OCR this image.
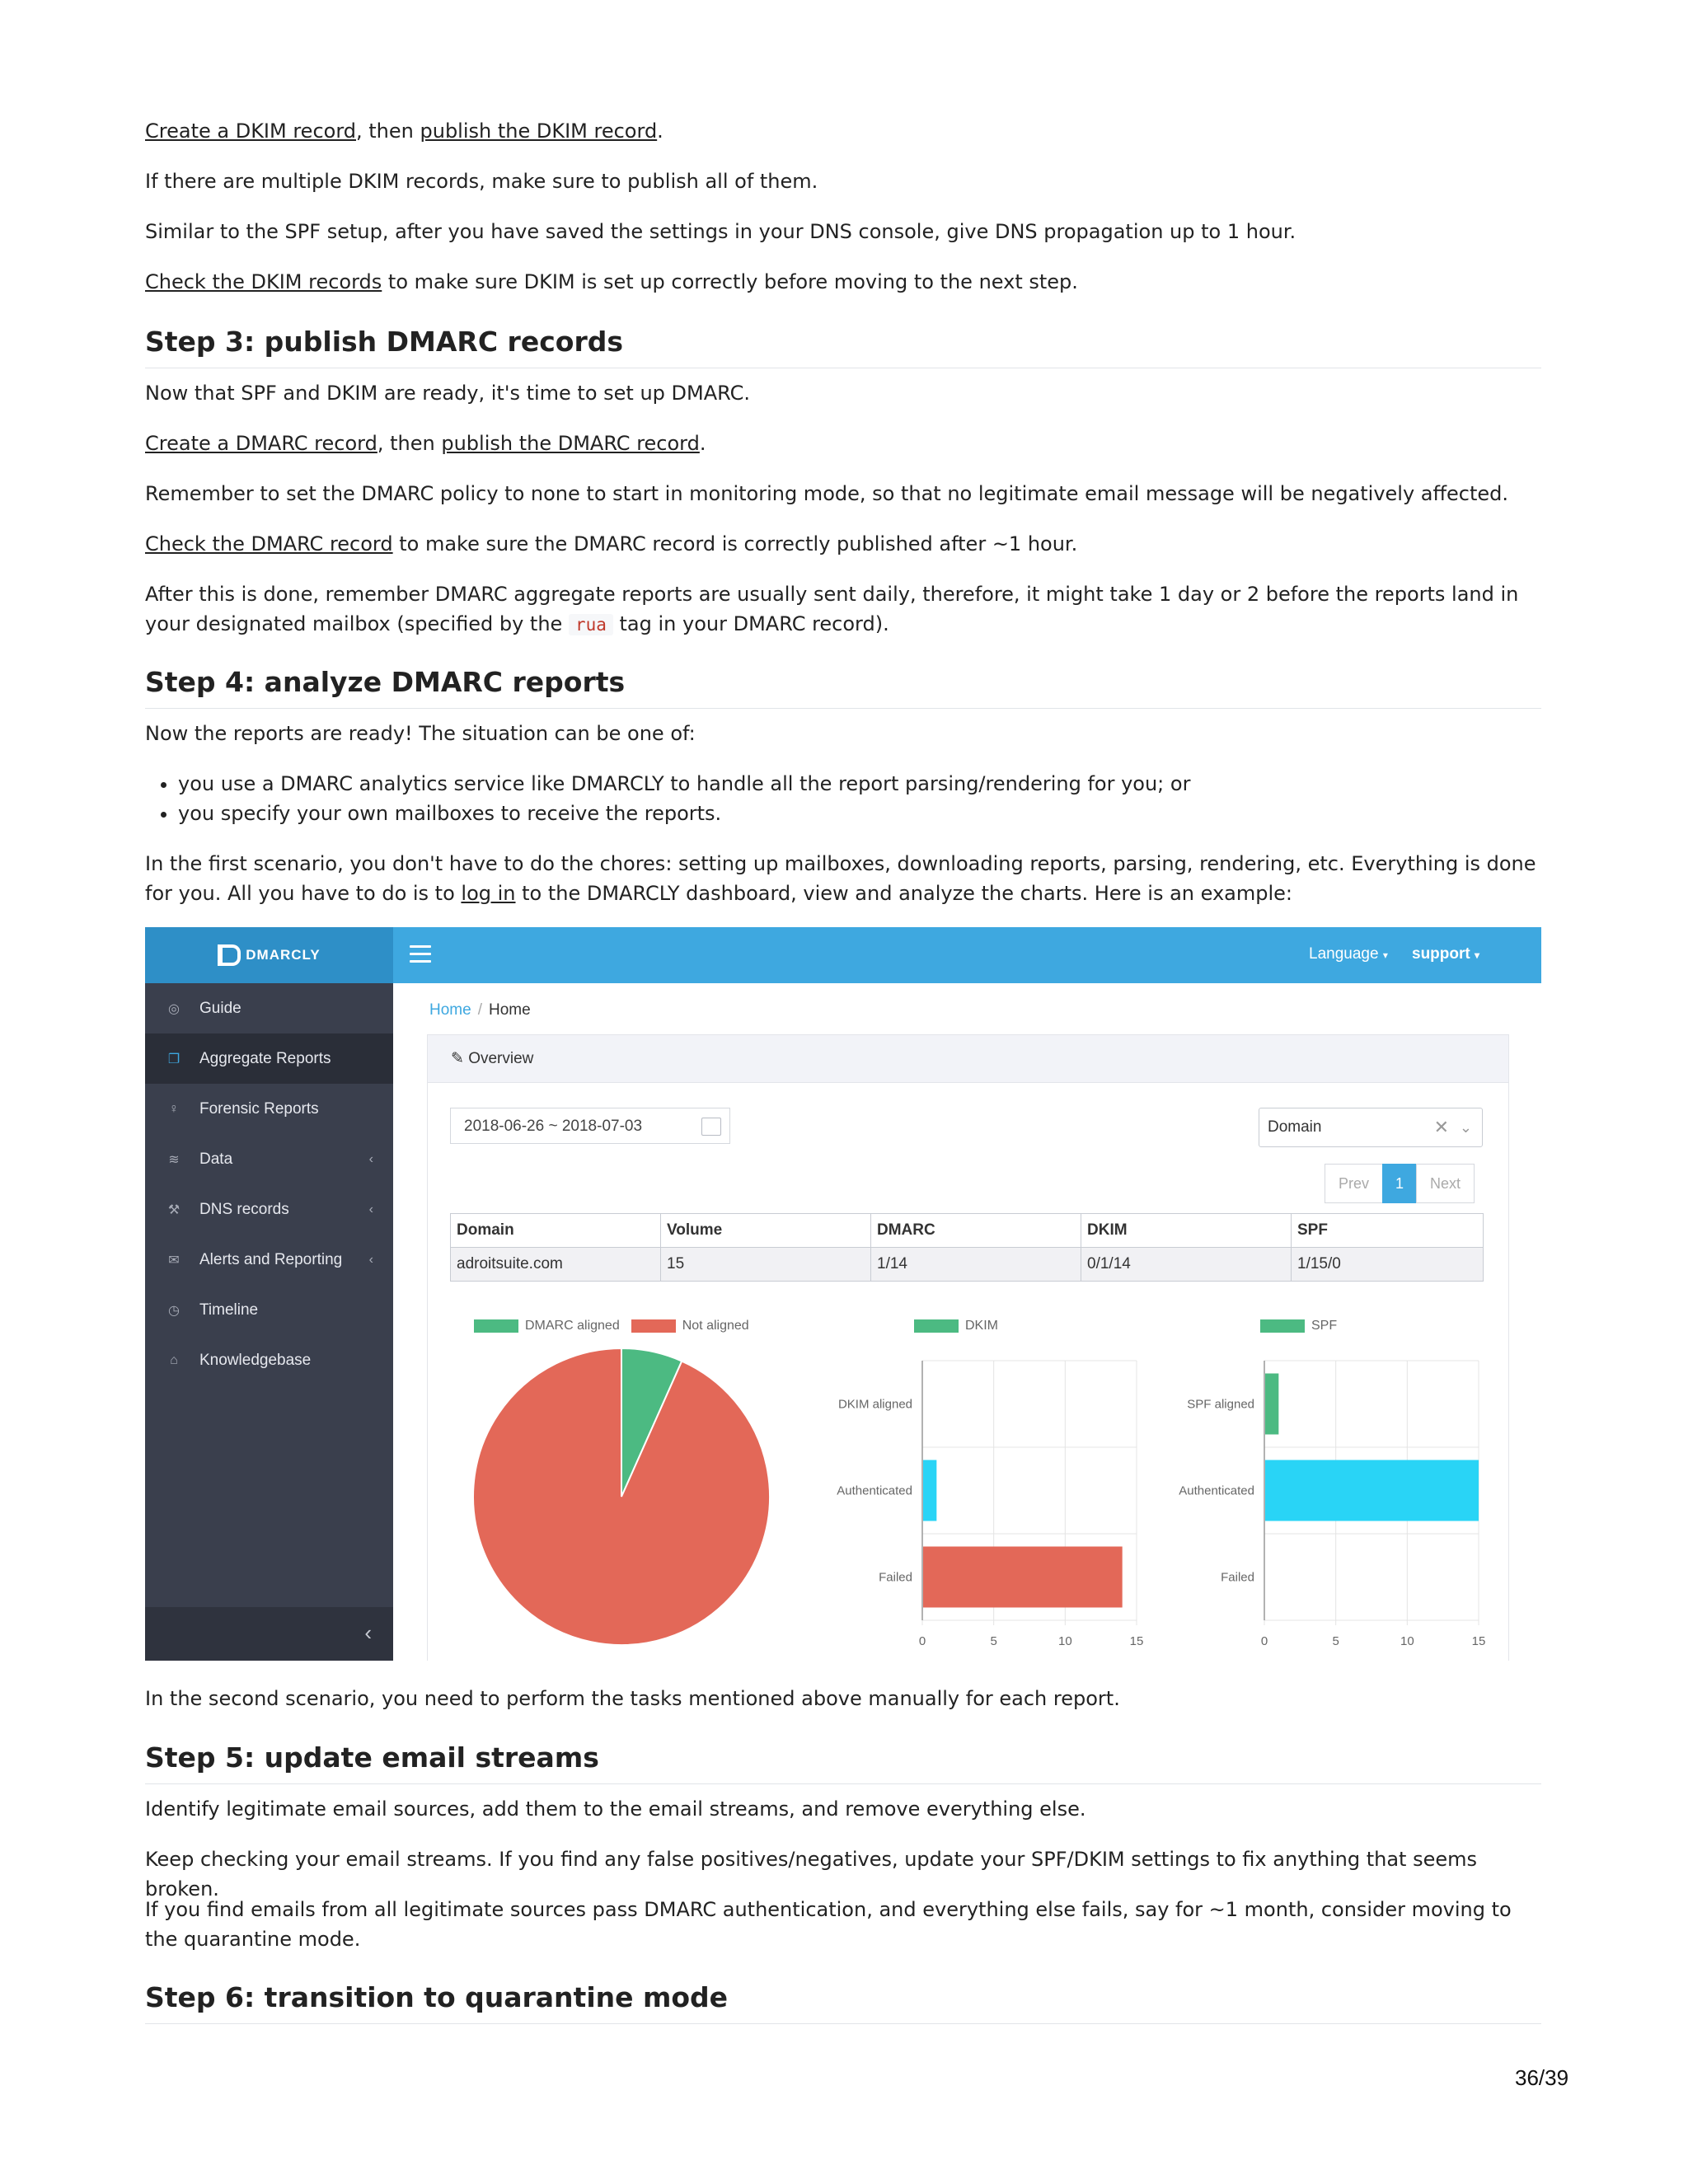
Create a DKIM record, then publish the DKIM record.
If there are multiple DKIM records, make sure to publish all of them.
Similar to the SPF setup, after you have saved the settings in your DNS console, give DNS propagation up to 1 hour.
Check the DKIM records to make sure DKIM is set up correctly before moving to the next step.
Step 3: publish DMARC records
Now that SPF and DKIM are ready, it's time to set up DMARC.
Create a DMARC record, then publish the DMARC record.
Remember to set the DMARC policy to none to start in monitoring mode, so that no legitimate email message will be negatively affected.
Check the DMARC record to make sure the DMARC record is correctly published after ~1 hour.
After this is done, remember DMARC aggregate reports are usually sent daily, therefore, it might take 1 day or 2 before the reports land in your designated mailbox (specified by the rua tag in your DMARC record).
Step 4: analyze DMARC reports
Now the reports are ready! The situation can be one of:
• you use a DMARC analytics service like DMARCLY to handle all the report parsing/rendering for you; or
• you specify your own mailboxes to receive the reports.
In the first scenario, you don't have to do the chores: setting up mailboxes, downloading reports, parsing, rendering, etc. Everything is done for you. All you have to do is to log in to the DMARCLY dashboard, view and analyze the charts. Here is an example:
In the second scenario, you need to perform the tasks mentioned above manually for each report.
Step 5: update email streams
Identify legitimate email sources, add them to the email streams, and remove everything else.
Keep checking your email streams. If you find any false positives/negatives, update your SPF/DKIM settings to fix anything that seems broken.
If you find emails from all legitimate sources pass DMARC authentication, and everything else fails, say for ~1 month, consider moving to the quarantine mode.
Step 6: transition to quarantine mode
DMARCLY
◎ Guide
❐ Aggregate Reports
♀ Forensic Reports
≋ Data	‹
⚒ DNS records	‹
✉ Alerts and Reporting ‹
◷ Timeline
⌂	Knowledgebase
‹
Language ▾ support ▾
Home / Home
✎ Overview
2018-06-26 ~ 2018-07-03	Domain	✕ ⌄
Prev	1	Next
Domain	Volume	DMARC	DKIM	SPF
adroitsuite.com	15	1/14	0/1/14	1/15/0
DMARC aligned	Not aligned	DKIM	SPF
0	5	10	15
DKIM aligned
Authenticated
Failed
0	5	10	15
SPF aligned
Authenticated
Failed
36/39
